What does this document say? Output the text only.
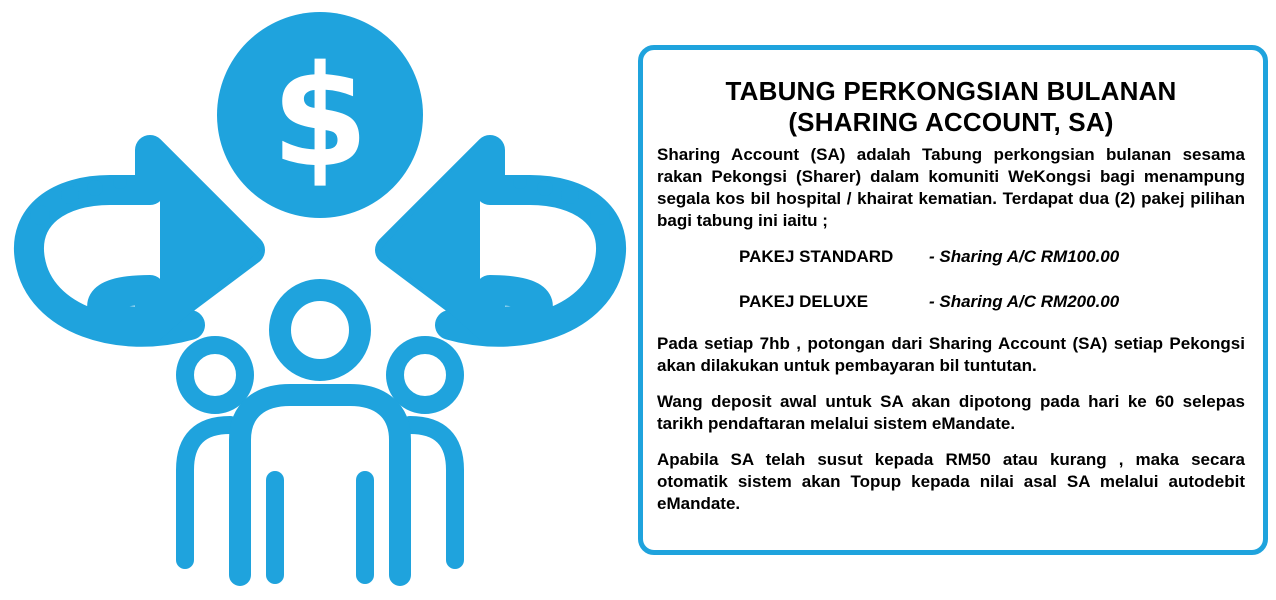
$	TABUNG PERKONGSIAN BULANAN
(SHARING ACCOUNT, SA)

Sharing Account (SA) adalah Tabung perkongsian bulanan sesama rakan Pekongsi (Sharer) dalam komuniti WeKongsi bagi menampung segala kos bil hospital / khairat kematian. Terdapat dua (2) pakej pilihan bagi tabung ini iaitu ;

PAKEJ STANDARD	- Sharing A/C RM100.00
PAKEJ DELUXE	- Sharing A/C RM200.00

Pada setiap 7hb , potongan dari Sharing Account (SA) setiap Pekongsi akan dilakukan untuk pembayaran bil tuntutan.

Wang deposit awal untuk SA akan dipotong pada hari ke 60 selepas tarikh pendaftaran melalui sistem eMandate.

Apabila SA telah susut kepada RM50 atau kurang , maka secara otomatik sistem akan Topup kepada nilai asal SA melalui autodebit eMandate.
